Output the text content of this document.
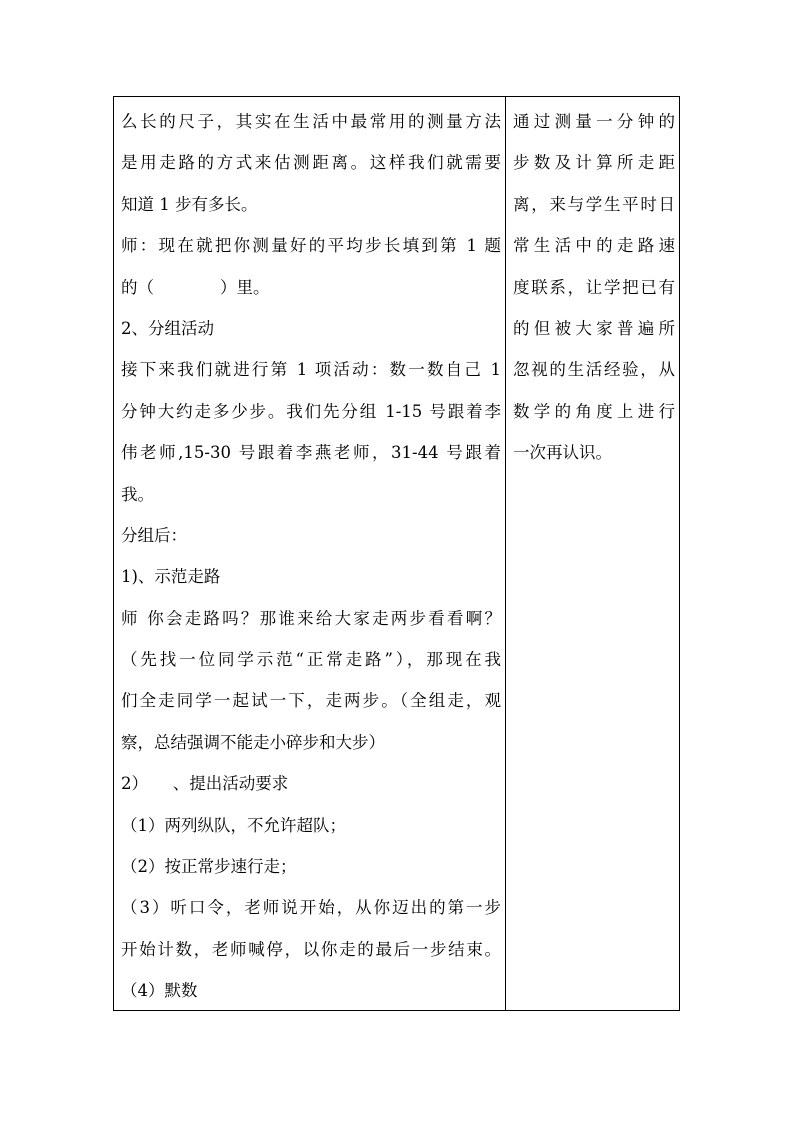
么长的尺子，其实在生活中最常用的测量方法
是用走路的方式来估测距离。这样我们就需要
知道 1 步有多长。
师：现在就把你测量好的平均步长填到第 1 题
的（　　　　）里。
2、分组活动
接下来我们就进行第 1 项活动：数一数自己 1
分钟大约走多少步。我们先分组 1-15 号跟着李
伟老师,15-30 号跟着李燕老师，31-44 号跟着
我。
分组后：
1)、示范走路
师 你会走路吗？那谁来给大家走两步看看啊？
（先找一位同学示范“正常走路”），那现在我
们全走同学一起试一下，走两步。（全组走，观
察，总结强调不能走小碎步和大步）
2）　　、提出活动要求
（1）两列纵队，不允许超队；
（2）按正常步速行走；
（3）听口令，老师说开始，从你迈出的第一步
开始计数，老师喊停，以你走的最后一步结束。
（4）默数
通过测量一分钟的
步数及计算所走距
离，来与学生平时日
常生活中的走路速
度联系，让学把已有
的但被大家普遍所
忽视的生活经验，从
数学的角度上进行
一次再认识。
